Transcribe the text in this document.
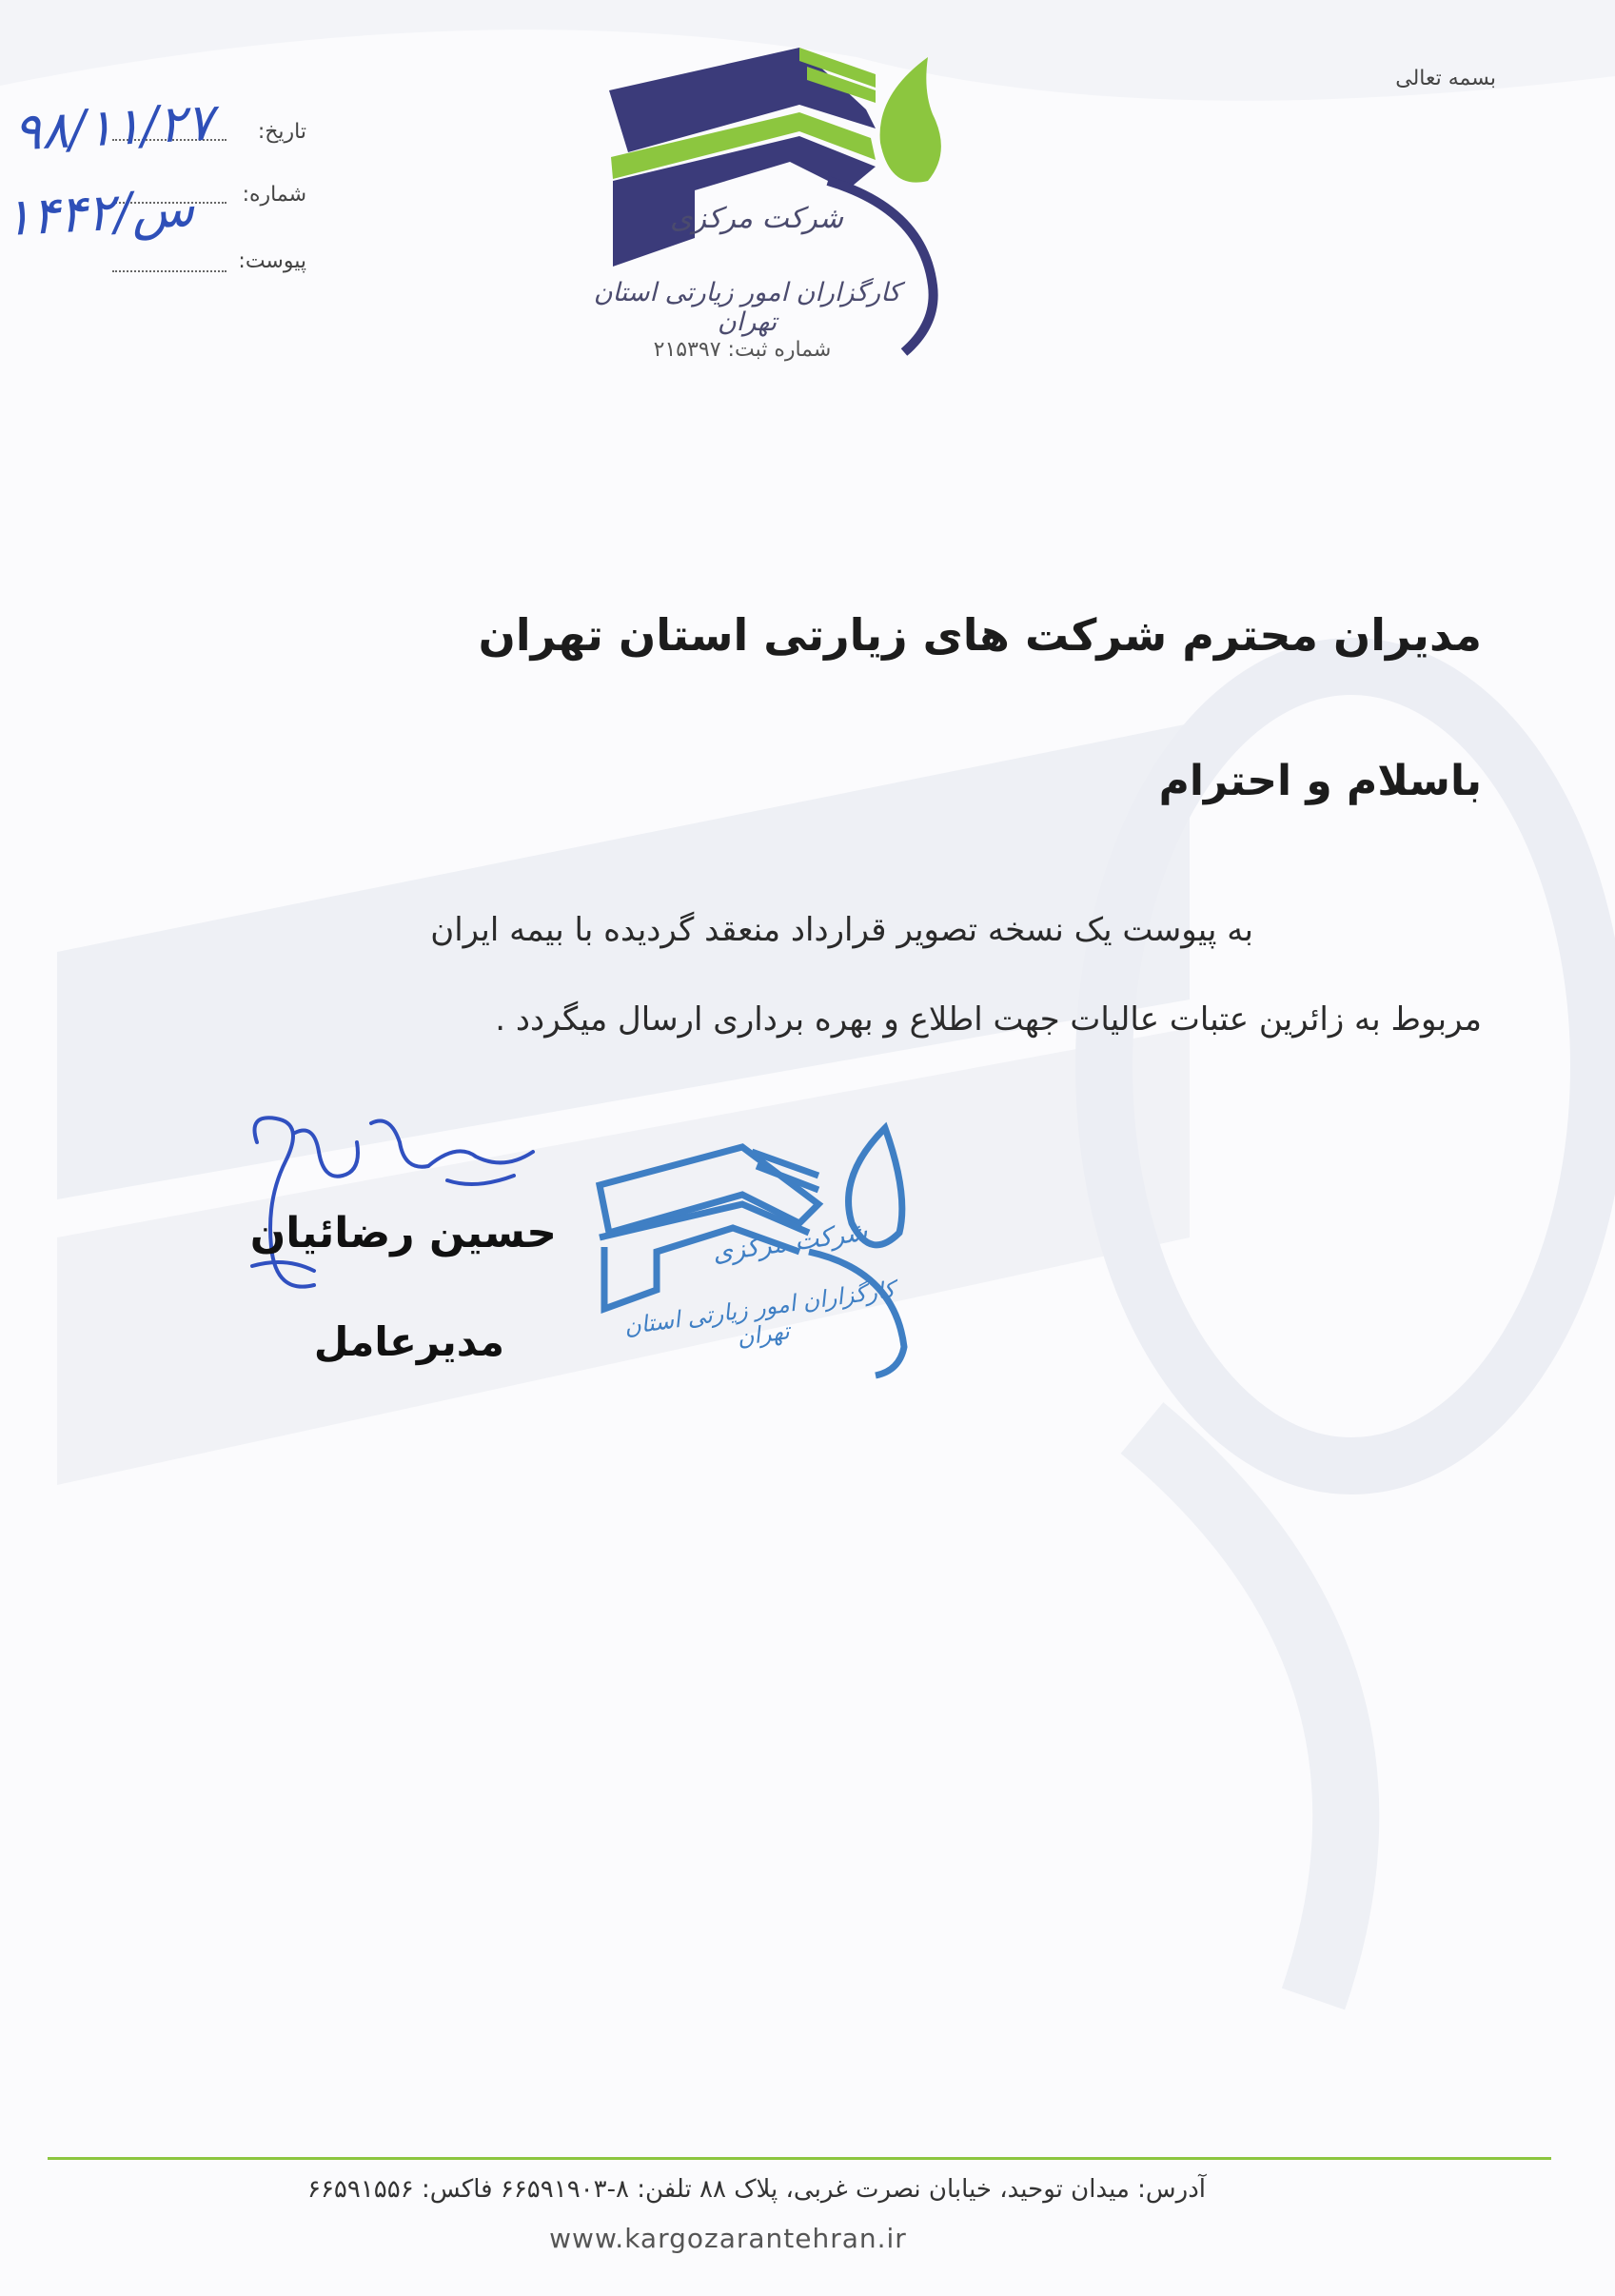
بسمه تعالی
تاریخ:
شماره:
پیوست:
۹۸/۱۱/۲۷
۱۴۴۲/س	شرکت مرکزی
کارگزاران امور زیارتی استان تهران
شماره ثبت: ۲۱۵۳۹۷
مدیران محترم شرکت های زیارتی استان تهران
باسلام و احترام

به پیوست یک نسخه تصویر قرارداد منعقد گردیده با بیمه ایران

مربوط به زائرین عتبات عالیات جهت اطلاع و بهره برداری ارسال میگردد .

حسین رضائیان
مدیرعامل
شرکت مرکزی
کارگزاران امور زیارتی استان تهران
آدرس: میدان توحید، خیابان نصرت غربی، پلاک ۸۸ تلفن: ۸-۶۶۵۹۱۹۰۳ فاکس: ۶۶۵۹۱۵۵۶
www.kargozarantehran.ir
